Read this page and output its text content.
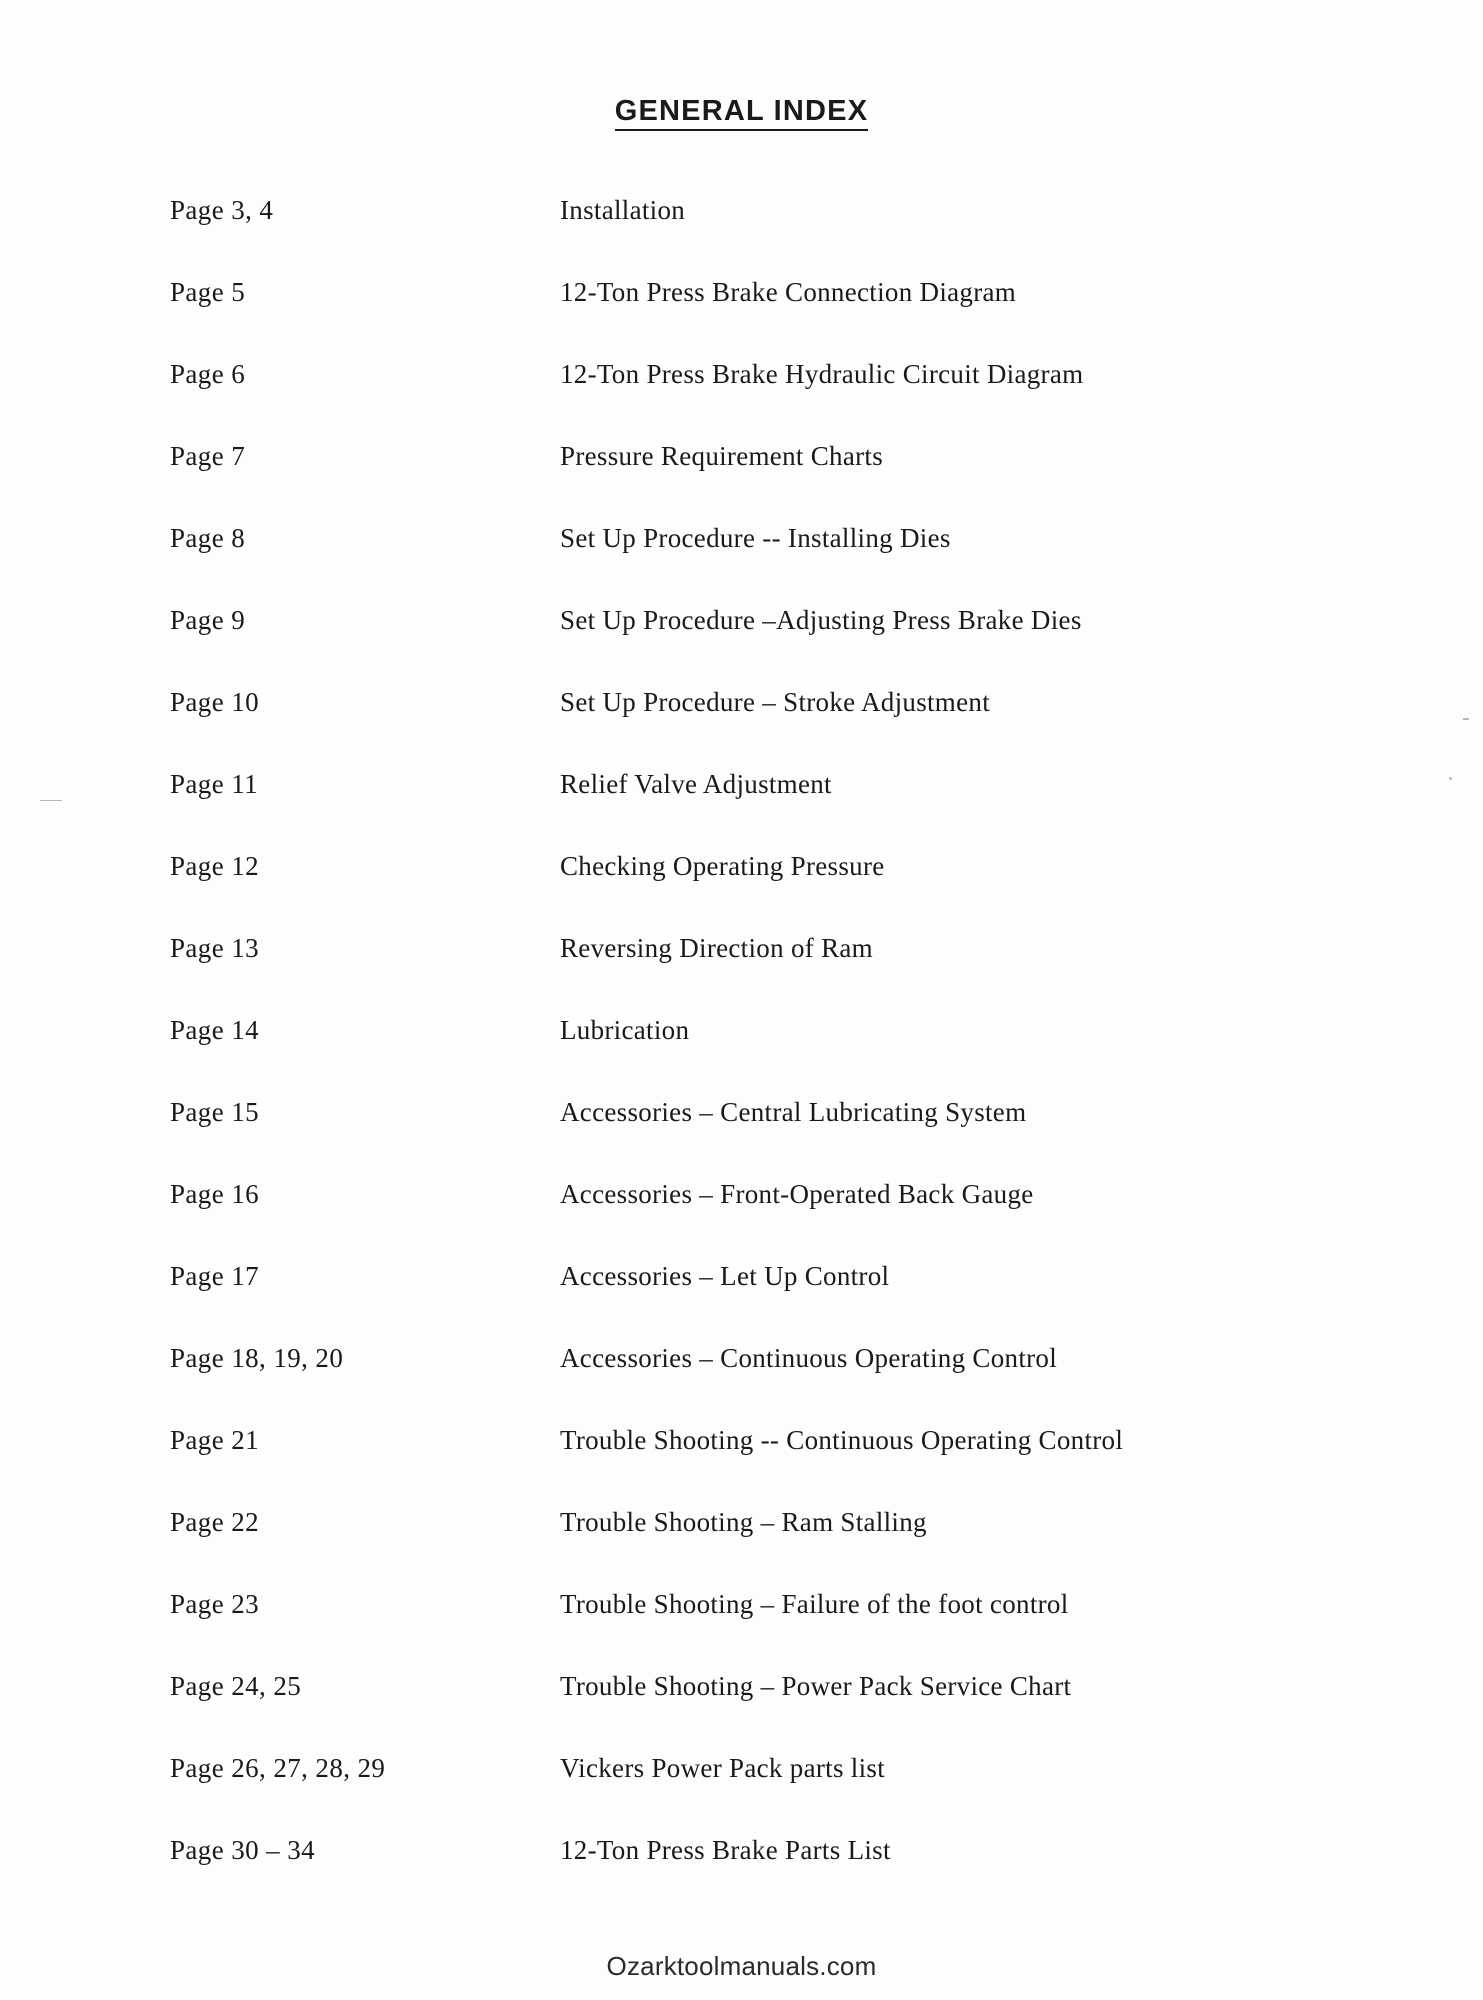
GENERAL INDEX
Page 3, 4	Installation
Page 5	12-Ton Press Brake Connection Diagram
Page 6	12-Ton Press Brake Hydraulic Circuit Diagram
Page 7	Pressure Requirement Charts
Page 8	Set Up Procedure -- Installing Dies
Page 9	Set Up Procedure –Adjusting Press Brake Dies
Page 10	Set Up Procedure – Stroke Adjustment
Page 11	Relief Valve Adjustment
Page 12	Checking Operating Pressure
Page 13	Reversing Direction of Ram
Page 14	Lubrication
Page 15	Accessories – Central Lubricating System
Page 16	Accessories – Front-Operated Back Gauge
Page 17	Accessories – Let Up Control
Page 18, 19, 20	Accessories – Continuous Operating Control
Page 21	Trouble Shooting -- Continuous Operating Control
Page 22	Trouble Shooting – Ram Stalling
Page 23	Trouble Shooting – Failure of the foot control
Page 24, 25	Trouble Shooting – Power Pack Service Chart
Page 26, 27, 28, 29	Vickers Power Pack parts list
Page 30 – 34	12-Ton Press Brake Parts List
Ozarktoolmanuals.com
